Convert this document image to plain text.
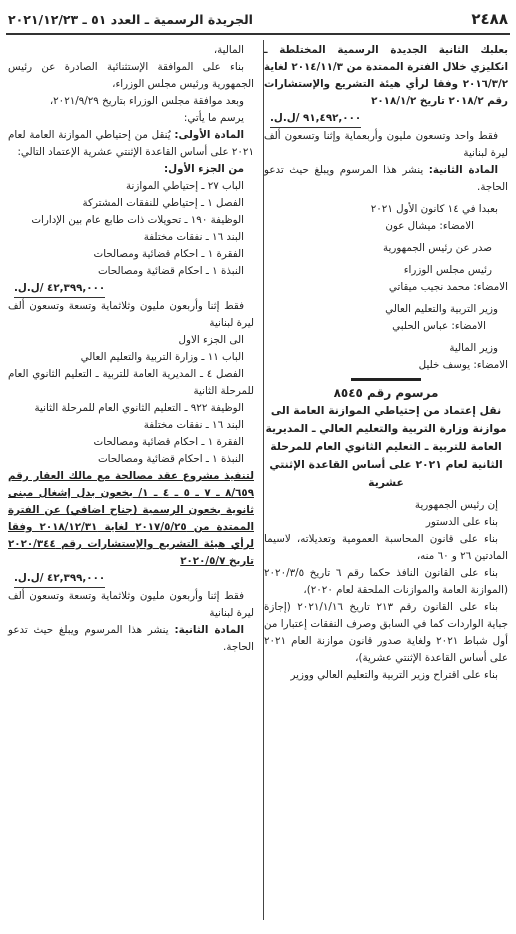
٢٤٨٨
الجريدة الرسمية ـ العدد ٥١ ـ ٢٠٢١/١٢/٢٣

بعلبك الثانية الجديدة الرسمية المختلطة ـ انكليزي خلال الفترة الممتدة من ٢٠١٤/١١/٣ لغاية ٢٠١٦/٣/٢ وفقا لرأي هيئة التشريع والإستشارات رقم ٢٠١٨/٢ تاريخ ٢٠١٨/١/٢

٩١,٤٩٢,٠٠٠ /ل.ل.

فقط واحد وتسعون مليون وأربعماية وإثنا وتسعون ألف ليرة لبنانية

المادة الثانية: ينشر هذا المرسوم ويبلغ حيث تدعو الحاجة.

بعبدا في ١٤ كانون الأول ٢٠٢١

الامضاء: ميشال عون

صدر عن رئيس الجمهورية

رئيس مجلس الوزراء

الامضاء: محمد نجيب ميقاتي

وزير التربية والتعليم العالي

الامضاء: عباس الحلبي

وزير المالية

الامضاء: يوسف خليل

مرسوم رقم ٨٥٤٥

نقل إعتماد من إحتياطي الموازنة العامة الى موازنة وزارة التربية والتعليم العالي ـ المديرية العامة للتربية ـ التعليم الثانوي العام للمرحلة الثانية لعام ٢٠٢١ على أساس القاعدة الإثنتي عشرية

إن رئيس الجمهورية

بناء على الدستور

بناء على قانون المحاسبة العمومية وتعديلاته، لاسيما المادتين ٢٦ و ٦٠ منه،

بناء على القانون النافذ حكما رقم ٦ تاريخ ٢٠٢٠/٣/٥ (الموازنة العامة والموازنات الملحقة لعام ٢٠٢٠)،

بناء على القانون رقم ٢١٣ تاريخ ٢٠٢١/١/١٦ (إجازة جباية الواردات كما في السابق وصرف النفقات إعتبارا من أول شباط ٢٠٢١ ولغاية صدور قانون موازنة العام ٢٠٢١ على أساس القاعدة الإثنتي عشرية)،

بناء على اقتراح وزير التربية والتعليم العالي ووزير

المالية،

بناء على الموافقة الإستثنائية الصادرة عن رئيس الجمهورية ورئيس مجلس الوزراء،

وبعد موافقة مجلس الوزراء بتاريخ ٢٠٢١/٩/٢٩،

يرسم ما يأتي:

المادة الأولى: يُنقل من إحتياطي الموازنة العامة لعام ٢٠٢١ على أساس القاعدة الإثنتي عشرية الإعتماد التالي:

من الجزء الأول:

الباب ٢٧ ـ إحتياطي الموازنة

الفصل ١ ـ إحتياطي للنفقات المشتركة

الوظيفة ١٩٠ ـ تحويلات ذات طابع عام بين الإدارات

البند ١٦ ـ نفقات مختلفة

الفقرة ١ ـ احكام قضائية ومصالحات

النبذة ١ ـ احكام قضائية ومصالحات

٤٢,٣٩٩,٠٠٠ /ل.ل.

فقط إثنا وأربعون مليون وثلاثماية وتسعة وتسعون ألف ليرة لبنانية

الى الجزء الاول

الباب ١١ ـ وزارة التربية والتعليم العالي

الفصل ٤ ـ المديرية العامة للتربية ـ التعليم الثانوي العام للمرحلة الثانية

الوظيفة ٩٢٢ ـ التعليم الثانوي العام للمرحلة الثانية

البند ١٦ ـ نفقات مختلفة

الفقرة ١ ـ احكام قضائية ومصالحات

النبذة ١ ـ احكام قضائية ومصالحات

لتنفيذ مشروع عقد مصالحة مع مالك العقار رقم ٨/٦٥٩ ـ ٧ ـ ٥ ـ ٤ ـ ١/ بخعون بدل إشغال مبنى ثانوية بخعون الرسمية (جناح اضافي) عن الفترة الممتدة من ٢٠١٧/٥/٢٥ لغاية ٢٠١٨/١٢/٣١ وفقا لرأي هيئة التشريع والإستشارات رقم ٢٠٢٠/٣٤٤ تاريخ ٢٠٢٠/٥/٧

٤٢,٣٩٩,٠٠٠ /ل.ل.

فقط إثنا وأربعون مليون وثلاثماية وتسعة وتسعون ألف ليرة لبنانية

المادة الثانية: ينشر هذا المرسوم ويبلغ حيث تدعو الحاجة.
